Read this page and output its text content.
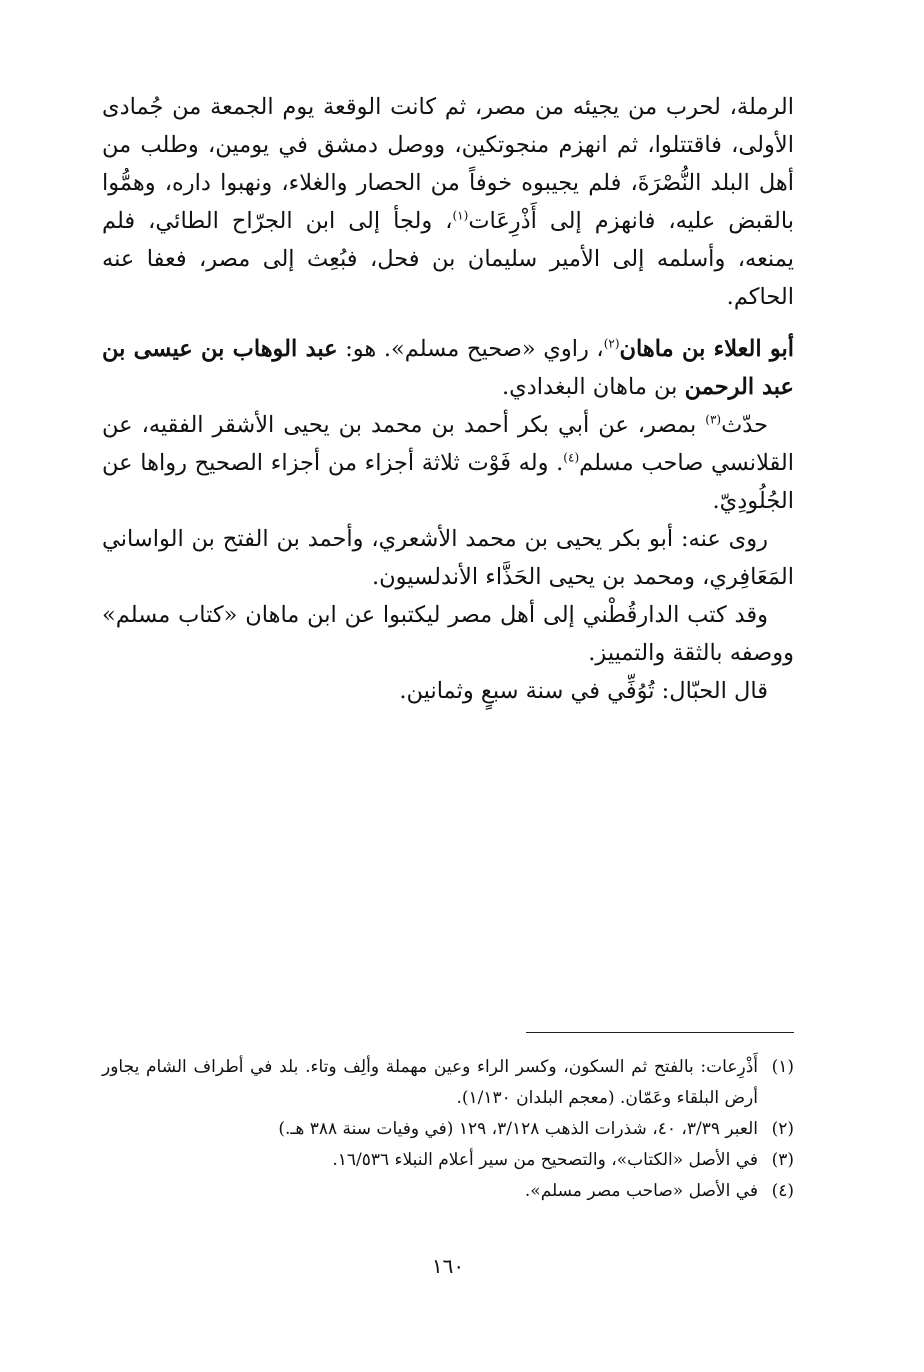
الرملة، لحرب من يجيئه من مصر، ثم كانت الوقعة يوم الجمعة من جُمادى الأولى، فاقتتلوا، ثم انهزم منجوتكين، ووصل دمشق في يومين، وطلب من أهل البلد النُّصْرَةَ، فلم يجيبوه خوفاً من الحصار والغلاء، ونهبوا داره، وهمُّوا بالقبض عليه، فانهزم إلى أَذْرِعَات$^{(١)}$، ولجأ إلى ابن الجرّاح الطائي، فلم يمنعه، وأسلمه إلى الأمير سليمان بن فحل، فبُعِث إلى مصر، فعفا عنه الحاكم.

أبو العلاء بن ماهان$^{(٢)}$، راوي «صحيح مسلم». هو: عبد الوهاب بن عيسى بن عبد الرحمن بن ماهان البغدادي.

حدّث$^{(٣)}$ بمصر، عن أبي بكر أحمد بن محمد بن يحيى الأشقر الفقيه، عن القلانسي صاحب مسلم$^{(٤)}$. وله فَوْت ثلاثة أجزاء من أجزاء الصحيح رواها عن الجُلُودِيّ.

روى عنه: أبو بكر يحيى بن محمد الأشعري، وأحمد بن الفتح بن الواساني المَعَافِري، ومحمد بن يحيى الحَذَّاء الأندلسيون.

وقد كتب الدارقُطْني إلى أهل مصر ليكتبوا عن ابن ماهان «كتاب مسلم» ووصفه بالثقة والتمييز.

قال الحبّال: تُوُفِّي في سنة سبعٍ وثمانين.

(١)
أَذْرِعات: بالفتح ثم السكون، وكسر الراء وعين مهملة وألِف وتاء. بلد في أطراف الشام يجاور أرض البلقاء وعَمّان. (معجم البلدان ١/١٣٠).
(٢)
العبر ٣/٣٩، ٤٠، شذرات الذهب ٣/١٢٨، ١٢٩ (في وفيات سنة ٣٨٨ هـ.)
(٣)
في الأصل «الكتاب»، والتصحيح من سير أعلام النبلاء ١٦/٥٣٦.
(٤)
في الأصل «صاحب مصر مسلم».
١٦٠
